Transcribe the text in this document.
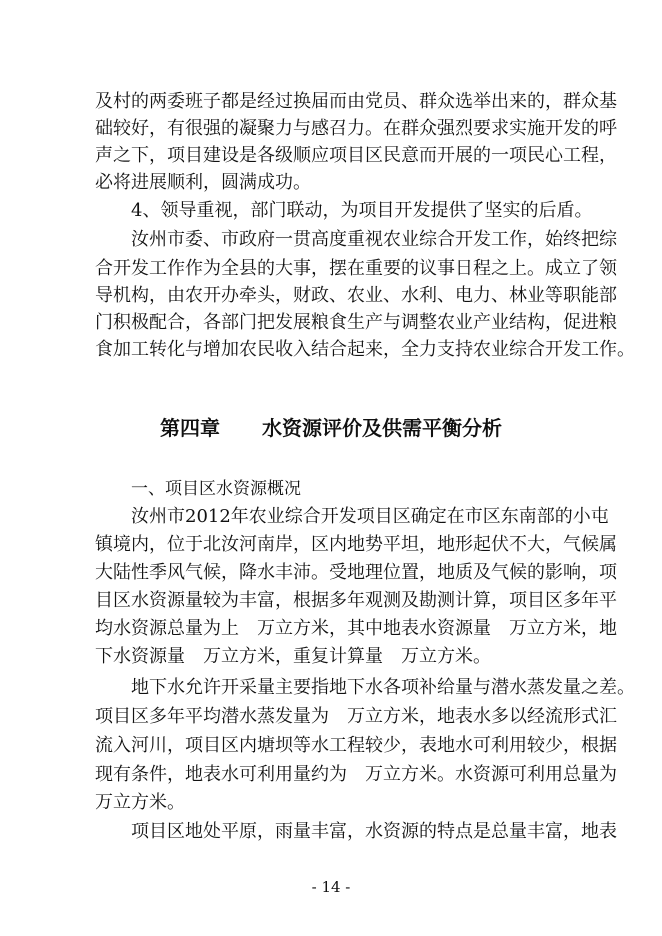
及村的两委班子都是经过换届而由党员、群众选举出来的，群众基
础较好，有很强的凝聚力与感召力。在群众强烈要求实施开发的呼
声之下，项目建设是各级顺应项目区民意而开展的一项民心工程，
必将进展顺利，圆满成功。
4、领导重视，部门联动，为项目开发提供了坚实的后盾。
汝州市委、市政府一贯高度重视农业综合开发工作，始终把综
合开发工作作为全县的大事，摆在重要的议事日程之上。成立了领
导机构，由农开办牵头，财政、农业、水利、电力、林业等职能部
门积极配合，各部门把发展粮食生产与调整农业产业结构，促进粮
食加工转化与增加农民收入结合起来，全力支持农业综合开发工作。
第四章 水资源评价及供需平衡分析
一、项目区水资源概况
汝州市2012年农业综合开发项目区确定在市区东南部的小屯
镇境内，位于北汝河南岸，区内地势平坦，地形起伏不大，气候属
大陆性季风气候，降水丰沛。受地理位置，地质及气候的影响，项
目区水资源量较为丰富，根据多年观测及勘测计算，项目区多年平
均水资源总量为上　万立方米，其中地表水资源量　万立方米，地
下水资源量　万立方米，重复计算量　万立方米。
地下水允许开采量主要指地下水各项补给量与潜水蒸发量之差。
项目区多年平均潜水蒸发量为　万立方米，地表水多以经流形式汇
流入河川，项目区内塘坝等水工程较少，表地水可利用较少，根据
现有条件，地表水可利用量约为　万立方米。水资源可利用总量为
万立方米。
项目区地处平原，雨量丰富，水资源的特点是总量丰富，地表
- 14 -
